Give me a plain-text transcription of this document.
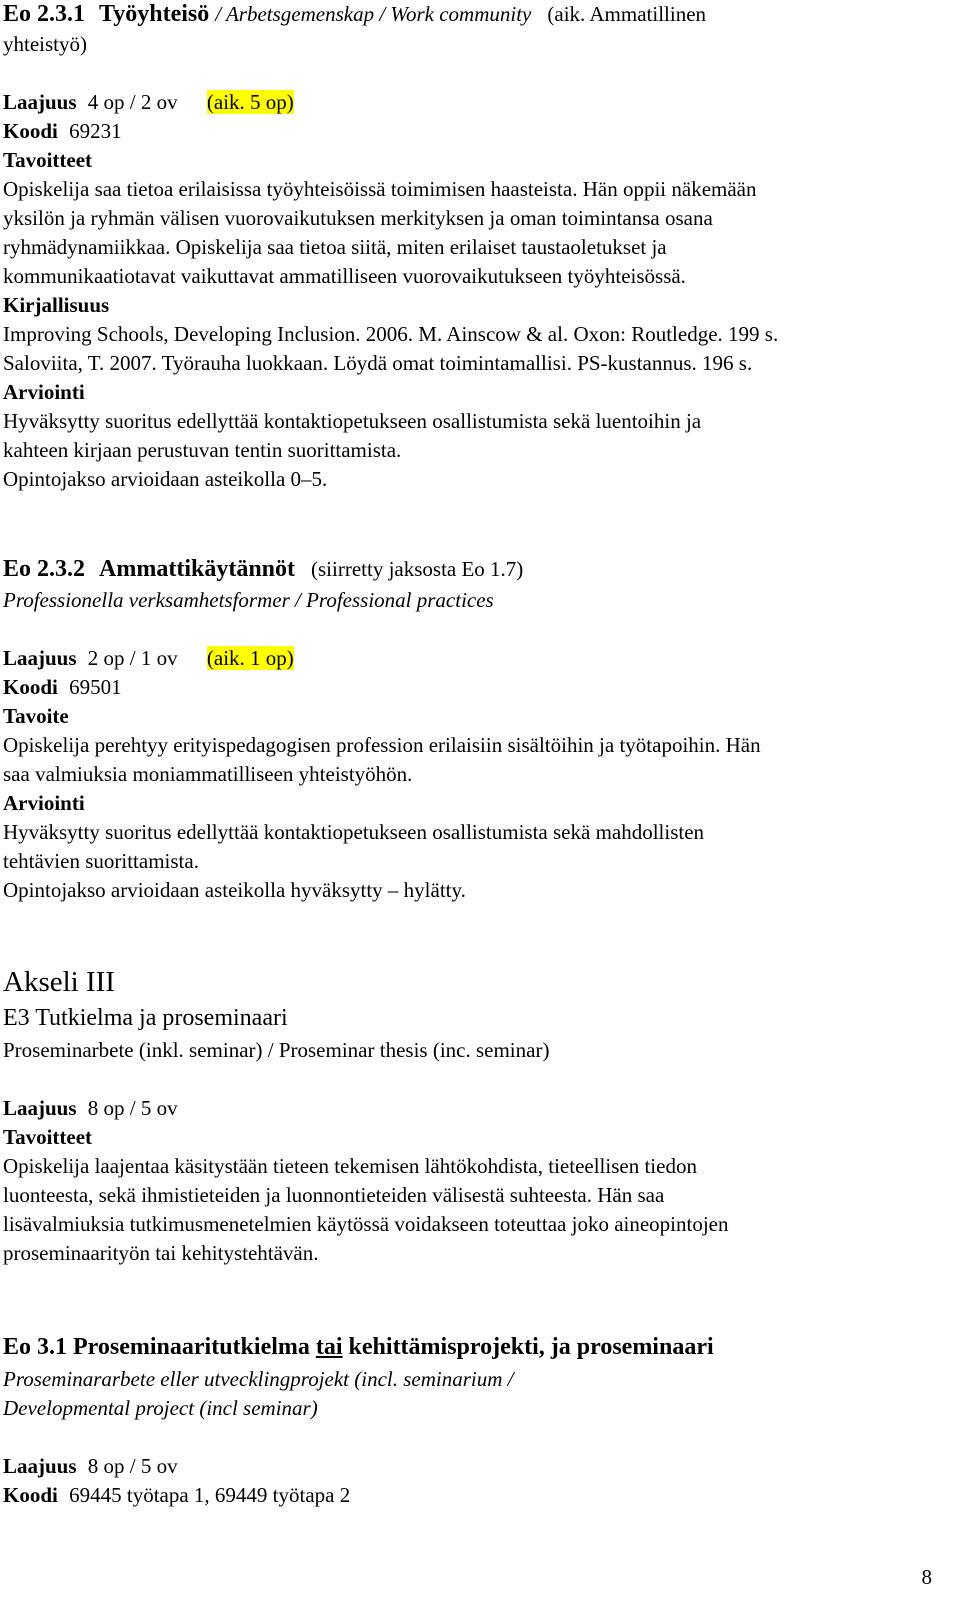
Eo 2.3.1 Työyhteisö / Arbetsgemenskap / Work community (aik. Ammatillinen
yhteistyö)
Laajuus 4 op / 2 ov (aik. 5 op)
Koodi 69231
Tavoitteet
Opiskelija saa tietoa erilaisissa työyhteisöissä toimimisen haasteista. Hän oppii näkemään
yksilön ja ryhmän välisen vuorovaikutuksen merkityksen ja oman toimintansa osana
ryhmädynamiikkaa. Opiskelija saa tietoa siitä, miten erilaiset taustaoletukset ja
kommunikaatiotavat vaikuttavat ammatilliseen vuorovaikutukseen työyhteisössä.
Kirjallisuus
Improving Schools, Developing Inclusion. 2006. M. Ainscow & al. Oxon: Routledge. 199 s.
Saloviita, T. 2007. Työrauha luokkaan. Löydä omat toimintamallisi. PS-kustannus. 196 s.
Arviointi
Hyväksytty suoritus edellyttää kontaktiopetukseen osallistumista sekä luentoihin ja
kahteen kirjaan perustuvan tentin suorittamista.
Opintojakso arvioidaan asteikolla 0–5.
Eo 2.3.2 Ammattikäytännöt (siirretty jaksosta Eo 1.7)
Professionella verksamhetsformer / Professional practices
Laajuus 2 op / 1 ov (aik. 1 op)
Koodi 69501
Tavoite
Opiskelija perehtyy erityispedagogisen profession erilaisiin sisältöihin ja työtapoihin. Hän
saa valmiuksia moniammatilliseen yhteistyöhön.
Arviointi
Hyväksytty suoritus edellyttää kontaktiopetukseen osallistumista sekä mahdollisten
tehtävien suorittamista.
Opintojakso arvioidaan asteikolla hyväksytty – hylätty.
Akseli III
E3 Tutkielma ja proseminaari
Proseminarbete (inkl. seminar) / Proseminar thesis (inc. seminar)
Laajuus 8 op / 5 ov
Tavoitteet
Opiskelija laajentaa käsitystään tieteen tekemisen lähtökohdista, tieteellisen tiedon
luonteesta, sekä ihmistieteiden ja luonnontieteiden välisestä suhteesta. Hän saa
lisävalmiuksia tutkimusmenetelmien käytössä voidakseen toteuttaa joko aineopintojen
proseminaarityön tai kehitystehtävän.
Eo 3.1 Proseminaaritutkielma tai kehittämisprojekti, ja proseminaari
Proseminararbete eller utvecklingprojekt (incl. seminarium /
Developmental project (incl seminar)
Laajuus 8 op / 5 ov
Koodi 69445 työtapa 1, 69449 työtapa 2
8
